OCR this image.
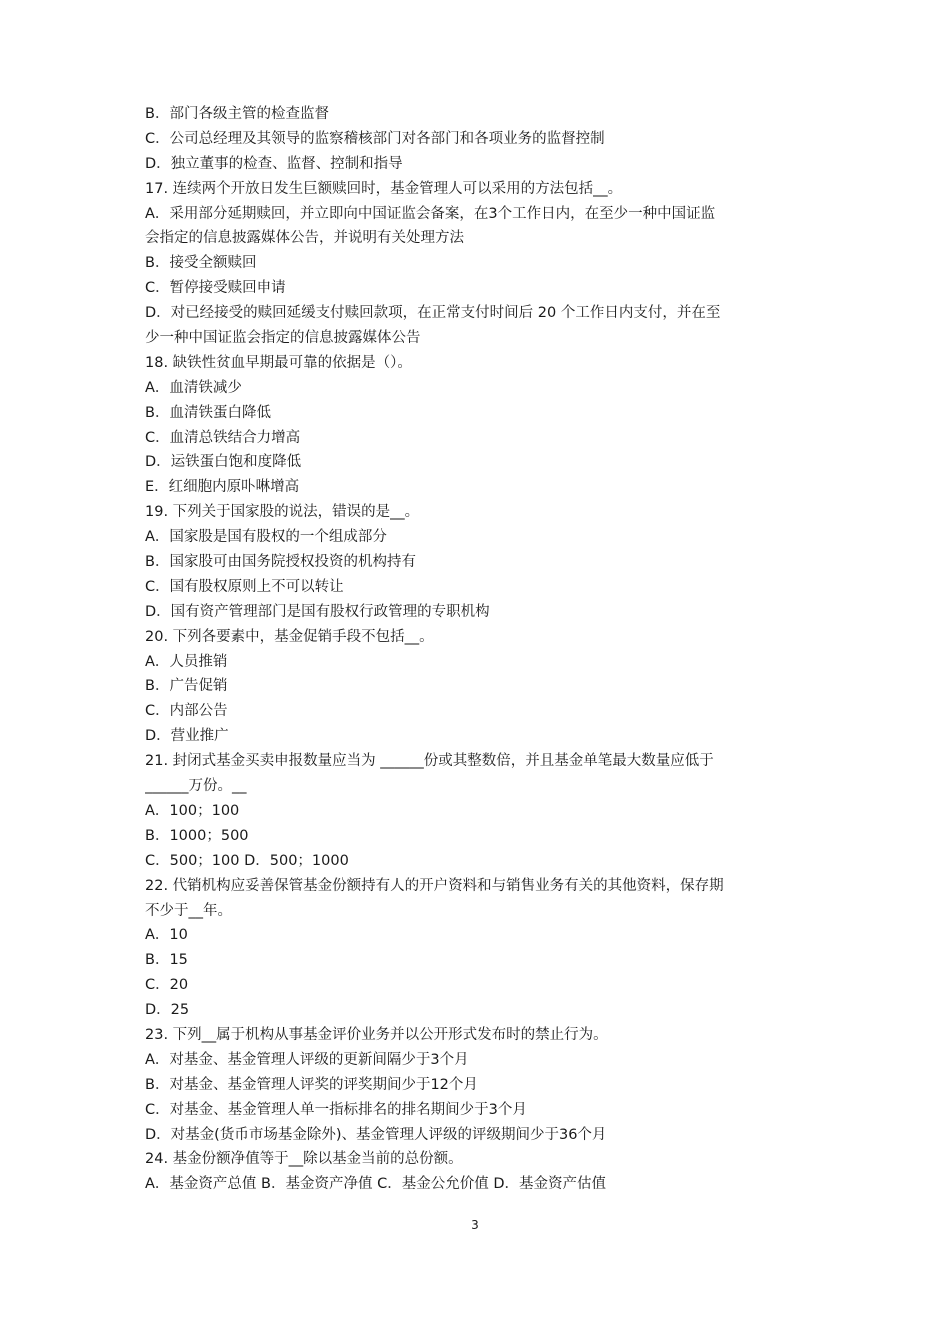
B．部门各级主管的检查监督
C．公司总经理及其领导的监察稽核部门对各部门和各项业务的监督控制
D．独立董事的检查、监督、控制和指导
17. 连续两个开放日发生巨额赎回时，基金管理人可以采用的方法包括__。
A．采用部分延期赎回，并立即向中国证监会备案，在3个工作日内，在至少一种中国证监
会指定的信息披露媒体公告，并说明有关处理方法
B．接受全额赎回
C．暂停接受赎回申请
D．对已经接受的赎回延缓支付赎回款项，在正常支付时间后 20 个工作日内支付，并在至
少一种中国证监会指定的信息披露媒体公告
18. 缺铁性贫血早期最可靠的依据是（）。
A．血清铁减少
B．血清铁蛋白降低
C．血清总铁结合力增高
D．运铁蛋白饱和度降低
E．红细胞内原卟啉增高
19. 下列关于国家股的说法，错误的是__。
A．国家股是国有股权的一个组成部分
B．国家股可由国务院授权投资的机构持有
C．国有股权原则上不可以转让
D．国有资产管理部门是国有股权行政管理的专职机构
20. 下列各要素中，基金促销手段不包括__。
A．人员推销
B．广告促销
C．内部公告
D．营业推广
21. 封闭式基金买卖申报数量应当为 ______份或其整数倍，并且基金单笔最大数量应低于
______万份。__
A．100；100
B．1000；500
C．500；100 D．500；1000
22. 代销机构应妥善保管基金份额持有人的开户资料和与销售业务有关的其他资料，保存期
不少于__年。
A．10
B．15
C．20
D．25
23. 下列__属于机构从事基金评价业务并以公开形式发布时的禁止行为。
A．对基金、基金管理人评级的更新间隔少于3个月
B．对基金、基金管理人评奖的评奖期间少于12个月
C．对基金、基金管理人单一指标排名的排名期间少于3个月
D．对基金(货币市场基金除外)、基金管理人评级的评级期间少于36个月
24. 基金份额净值等于__除以基金当前的总份额。
A．基金资产总值 B．基金资产净值 C．基金公允价值 D．基金资产估值
3
